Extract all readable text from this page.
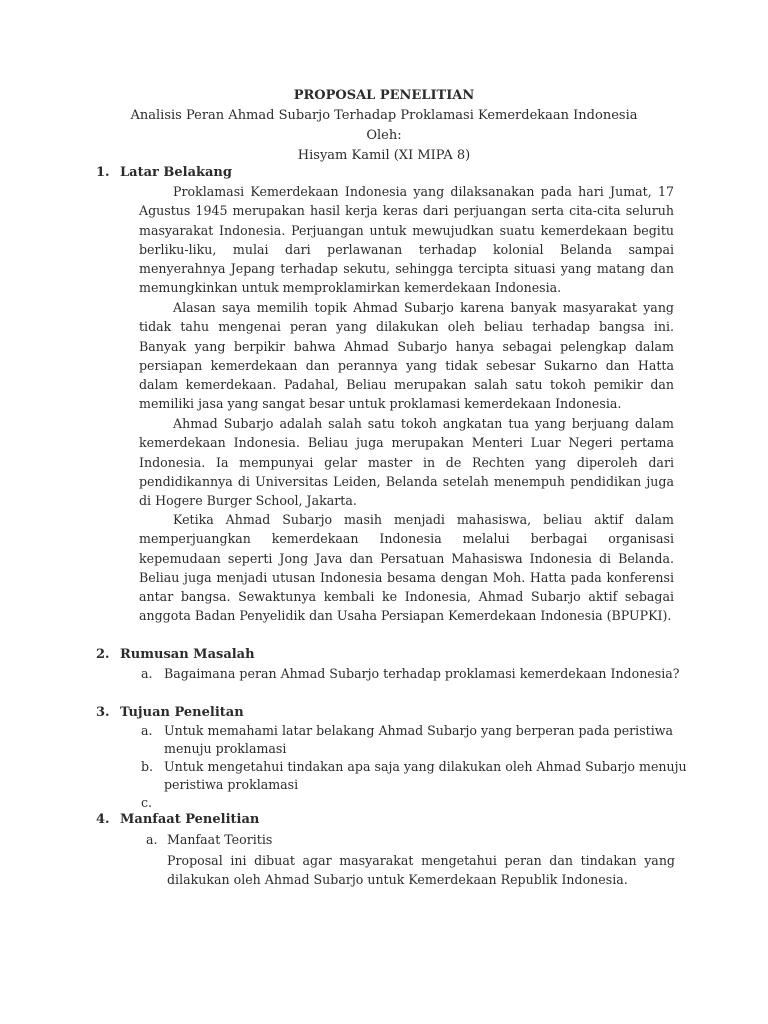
PROPOSAL PENELITIAN
Analisis Peran Ahmad Subarjo Terhadap Proklamasi Kemerdekaan Indonesia
Oleh:
Hisyam Kamil (XI MIPA 8)
1. Latar Belakang

Proklamasi Kemerdekaan Indonesia yang dilaksanakan pada hari Jumat, 17 Agustus 1945 merupakan hasil kerja keras dari perjuangan serta cita-cita seluruh masyarakat Indonesia. Perjuangan untuk mewujudkan suatu kemerdekaan begitu berliku-liku, mulai dari perlawanan terhadap kolonial Belanda sampai menyerahnya Jepang terhadap sekutu, sehingga tercipta situasi yang matang dan memungkinkan untuk memproklamirkan kemerdekaan Indonesia.

Alasan saya memilih topik Ahmad Subarjo karena banyak masyarakat yang tidak tahu mengenai peran yang dilakukan oleh beliau terhadap bangsa ini. Banyak yang berpikir bahwa Ahmad Subarjo hanya sebagai pelengkap dalam persiapan kemerdekaan dan perannya yang tidak sebesar Sukarno dan Hatta dalam kemerdekaan. Padahal, Beliau merupakan salah satu tokoh pemikir dan memiliki jasa yang sangat besar untuk proklamasi kemerdekaan Indonesia.

Ahmad Subarjo adalah salah satu tokoh angkatan tua yang berjuang dalam kemerdekaan Indonesia. Beliau juga merupakan Menteri Luar Negeri pertama Indonesia. Ia mempunyai gelar master in de Rechten yang diperoleh dari pendidikannya di Universitas Leiden, Belanda setelah menempuh pendidikan juga di Hogere Burger School, Jakarta.

Ketika Ahmad Subarjo masih menjadi mahasiswa, beliau aktif dalam memperjuangkan kemerdekaan Indonesia melalui berbagai organisasi kepemudaan seperti Jong Java dan Persatuan Mahasiswa Indonesia di Belanda. Beliau juga menjadi utusan Indonesia besama dengan Moh. Hatta pada konferensi antar bangsa. Sewaktunya kembali ke Indonesia, Ahmad Subarjo aktif sebagai anggota Badan Penyelidik dan Usaha Persiapan Kemerdekaan Indonesia (BPUPKI).

2. Rumusan Masalah
a. Bagaimana peran Ahmad Subarjo terhadap proklamasi kemerdekaan Indonesia?
3. Tujuan Penelitan
a. Untuk memahami latar belakang Ahmad Subarjo yang berperan pada peristiwa
menuju proklamasi
b. Untuk mengetahui tindakan apa saja yang dilakukan oleh Ahmad Subarjo menuju
peristiwa proklamasi
c.
4. Manfaat Penelitian
a. Manfaat Teoritis

Proposal ini dibuat agar masyarakat mengetahui peran dan tindakan yang dilakukan oleh Ahmad Subarjo untuk Kemerdekaan Republik Indonesia.
